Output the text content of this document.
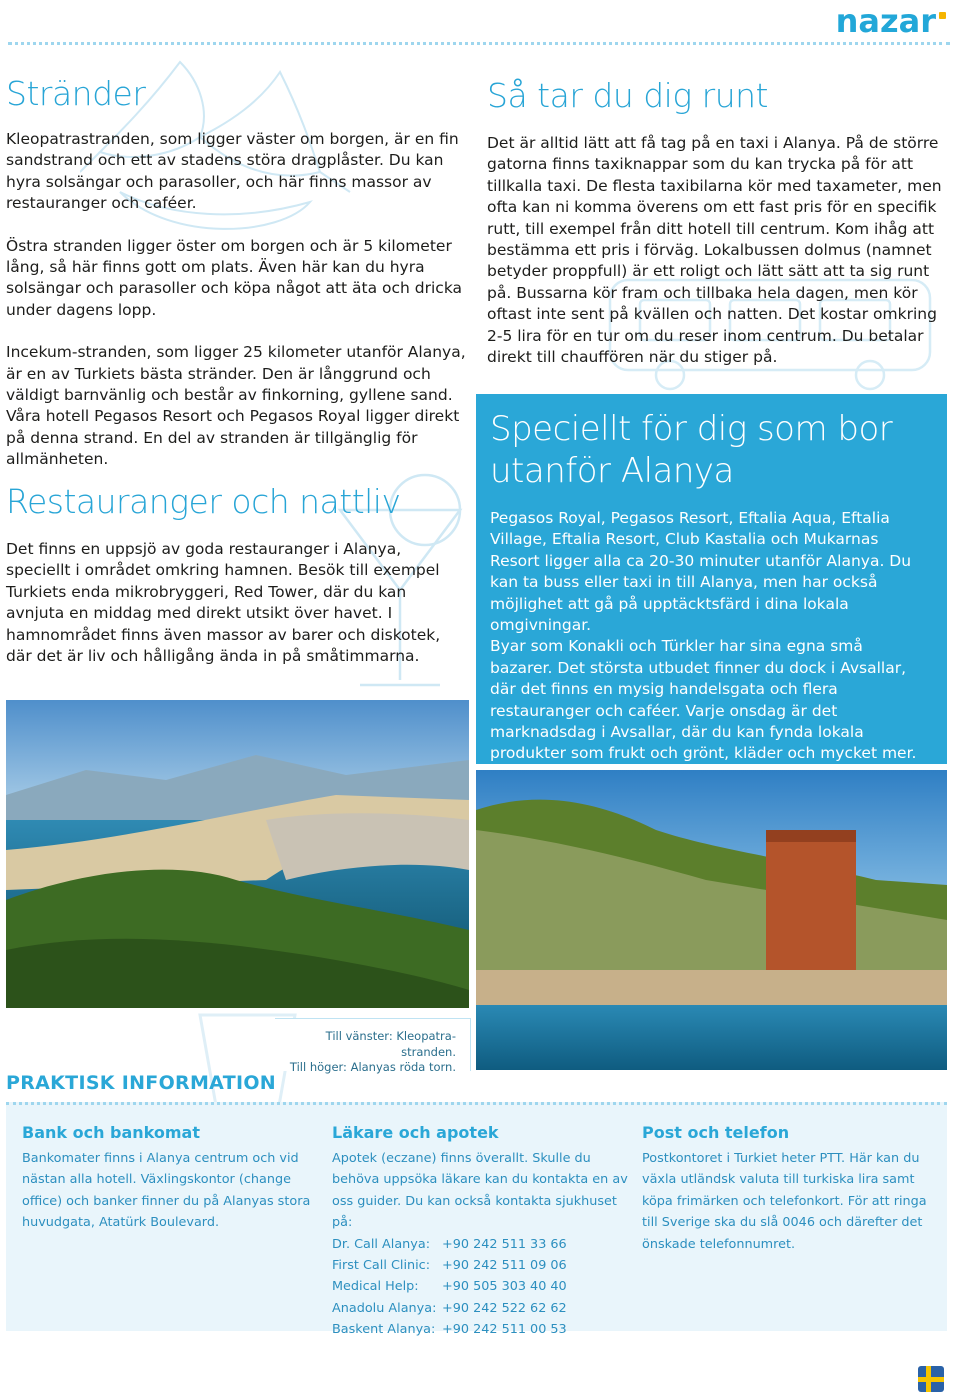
nazar
Stränder

Kleopatrastranden, som ligger väster om borgen, är en fin sandstrand och ett av stadens störa dragplåster. Du kan hyra solsängar och parasoller, och här finns massor av restauranger och caféer.

Östra stranden ligger öster om borgen och är 5 kilometer lång, så här finns gott om plats. Även här kan du hyra solsängar och parasoller och köpa något att äta och dricka under dagens lopp.

Incekum-stranden, som ligger 25 kilometer utanför Alanya, är en av Turkiets bästa stränder. Den är långgrund och väldigt barnvänlig och består av finkorning, gyllene sand. Våra hotell Pegasos Resort och Pegasos Royal ligger direkt på denna strand. En del av stranden är tillgänglig för allmänheten.

Restauranger och nattliv

Det finns en uppsjö av goda restauranger i Alanya, speciellt i området omkring hamnen. Besök till exempel Turkiets enda mikrobryggeri, Red Tower, där du kan avnjuta en middag med direkt utsikt över havet. I hamnområdet finns även massor av barer och diskotek, där det är liv och hålligång ända in på småtimmarna.

Så tar du dig runt

Det är alltid lätt att få tag på en taxi i Alanya. På de större gatorna finns taxiknappar som du kan trycka på för att tillkalla taxi. De flesta taxibilarna kör med taxameter, men ofta kan ni komma överens om ett fast pris för en specifik rutt, till exempel från ditt hotell till centrum. Kom ihåg att bestämma ett pris i förväg. Lokalbussen dolmus (namnet betyder proppfull) är ett roligt och lätt sätt att ta sig runt på. Bussarna kör fram och tillbaka hela dagen, men kör oftast inte sent på kvällen och natten. Det kostar omkring 2-5 lira för en tur om du reser inom centrum. Du betalar direkt till chauffören när du stiger på.

Speciellt för dig som bor
utanför Alanya

Pegasos Royal, Pegasos Resort, Eftalia Aqua, Eftalia Village, Eftalia Resort, Club Kastalia och Mukarnas Resort ligger alla ca 20-30 minuter utanför Alanya. Du kan ta buss eller taxi in till Alanya, men har också möjlighet att gå på upptäcktsfärd i dina lokala omgivningar.

Byar som Konakli och Türkler har sina egna små bazarer. Det största utbudet finner du dock i Avsallar, där det finns en mysig handelsgata och flera restauranger och caféer. Varje onsdag är det marknadsdag i Avsallar, där du kan fynda lokala produkter som frukt och grönt, kläder och mycket mer.

Till vänster: Kleopatra-stranden.
Till höger: Alanyas röda torn.
PRAKTISK INFORMATION
Bank och bankomat
Bankomater finns i Alanya centrum och vid nästan alla hotell. Växlingskontor (change office) och banker finner du på Alanyas stora huvudgata, Atatürk Boulevard.
Läkare och apotek
Apotek (eczane) finns överallt. Skulle du behöva uppsöka läkare kan du kontakta en av oss guider. Du kan också kontakta sjukhuset på:
Dr. Call Alanya: +90 242 511 33 66
First Call Clinic: +90 242 511 09 06
Medical Help:	+90 505 303 40 40
Anadolu Alanya: +90 242 522 62 62
Baskent Alanya: +90 242 511 00 53
Post och telefon
Postkontoret i Turkiet heter PTT. Här kan du växla utländsk valuta till turkiska lira samt köpa frimärken och telefonkort. För att ringa till Sverige ska du slå 0046 och därefter det önskade telefonnumret.
